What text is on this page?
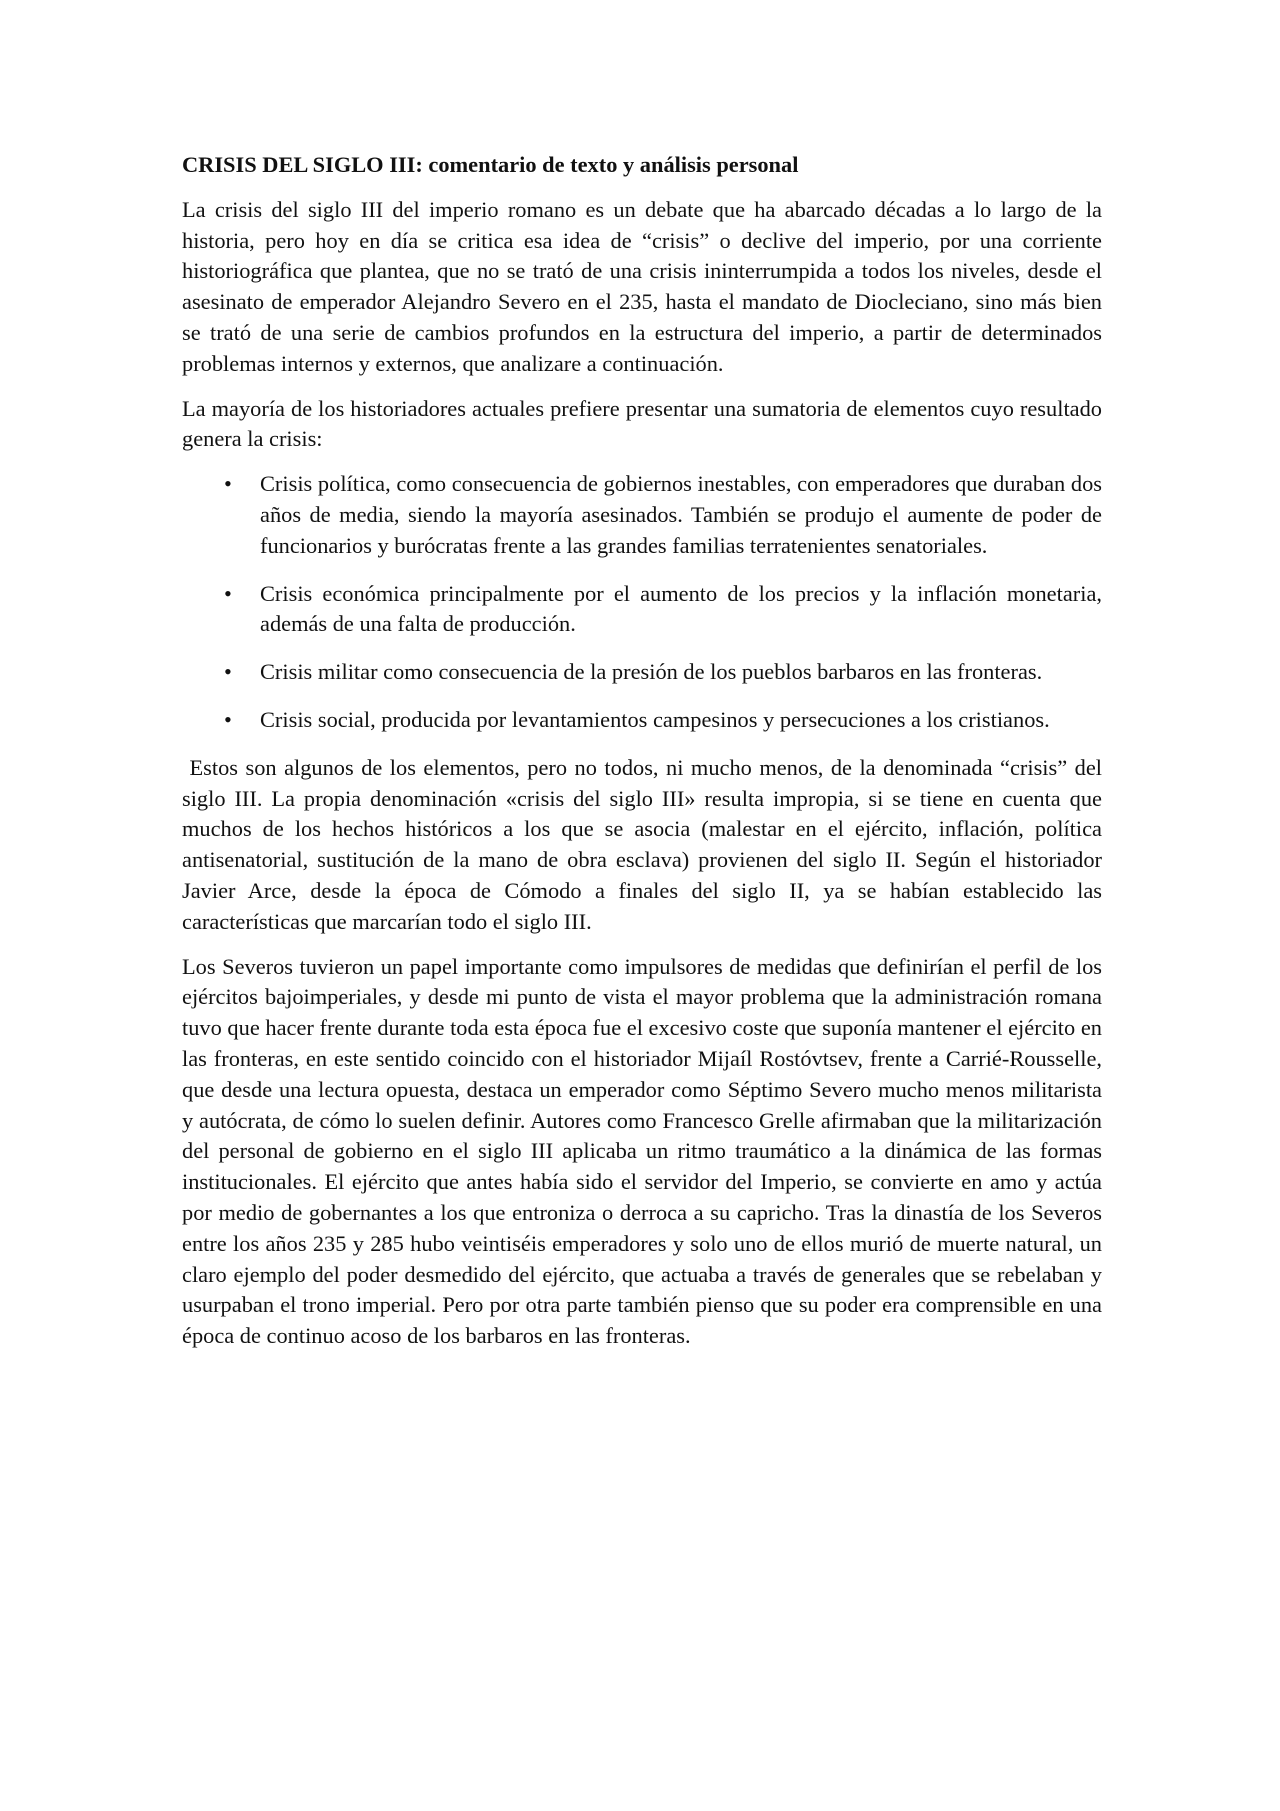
CRISIS DEL SIGLO III: comentario de texto y análisis personal

La crisis del siglo III del imperio romano es un debate que ha abarcado décadas a lo largo de la historia, pero hoy en día se critica esa idea de “crisis” o declive del imperio, por una corriente historiográfica que plantea, que no se trató de una crisis ininterrumpida a todos los niveles, desde el asesinato de emperador Alejandro Severo en el 235, hasta el mandato de Diocleciano, sino más bien se trató de una serie de cambios profundos en la estructura del imperio, a partir de determinados problemas internos y externos, que analizare a continuación.

La mayoría de los historiadores actuales prefiere presentar una sumatoria de elementos cuyo resultado genera la crisis:

• Crisis política, como consecuencia de gobiernos inestables, con emperadores que duraban dos años de media, siendo la mayoría asesinados. También se produjo el aumente de poder de funcionarios y burócratas frente a las grandes familias terratenientes senatoriales.
• Crisis económica principalmente por el aumento de los precios y la inflación monetaria, además de una falta de producción.
• Crisis militar como consecuencia de la presión de los pueblos barbaros en las fronteras.
• Crisis social, producida por levantamientos campesinos y persecuciones a los cristianos.

Estos son algunos de los elementos, pero no todos, ni mucho menos, de la denominada “crisis” del siglo III. La propia denominación «crisis del siglo III» resulta impropia, si se tiene en cuenta que muchos de los hechos históricos a los que se asocia (malestar en el ejército, inflación, política antisenatorial, sustitución de la mano de obra esclava) provienen del siglo II. Según el historiador Javier Arce, desde la época de Cómodo a finales del siglo II, ya se habían establecido las características que marcarían todo el siglo III.

Los Severos tuvieron un papel importante como impulsores de medidas que definirían el perfil de los ejércitos bajoimperiales, y desde mi punto de vista el mayor problema que la administración romana tuvo que hacer frente durante toda esta época fue el excesivo coste que suponía mantener el ejército en las fronteras, en este sentido coincido con el historiador Mijaíl Rostóvtsev, frente a Carrié-Rousselle, que desde una lectura opuesta, destaca un emperador como Séptimo Severo mucho menos militarista y autócrata, de cómo lo suelen definir. Autores como Francesco Grelle afirmaban que la militarización del personal de gobierno en el siglo III aplicaba un ritmo traumático a la dinámica de las formas institucionales. El ejército que antes había sido el servidor del Imperio, se convierte en amo y actúa por medio de gobernantes a los que entroniza o derroca a su capricho. Tras la dinastía de los Severos entre los años 235 y 285 hubo veintiséis emperadores y solo uno de ellos murió de muerte natural, un claro ejemplo del poder desmedido del ejército, que actuaba a través de generales que se rebelaban y usurpaban el trono imperial. Pero por otra parte también pienso que su poder era comprensible en una época de continuo acoso de los barbaros en las fronteras.
